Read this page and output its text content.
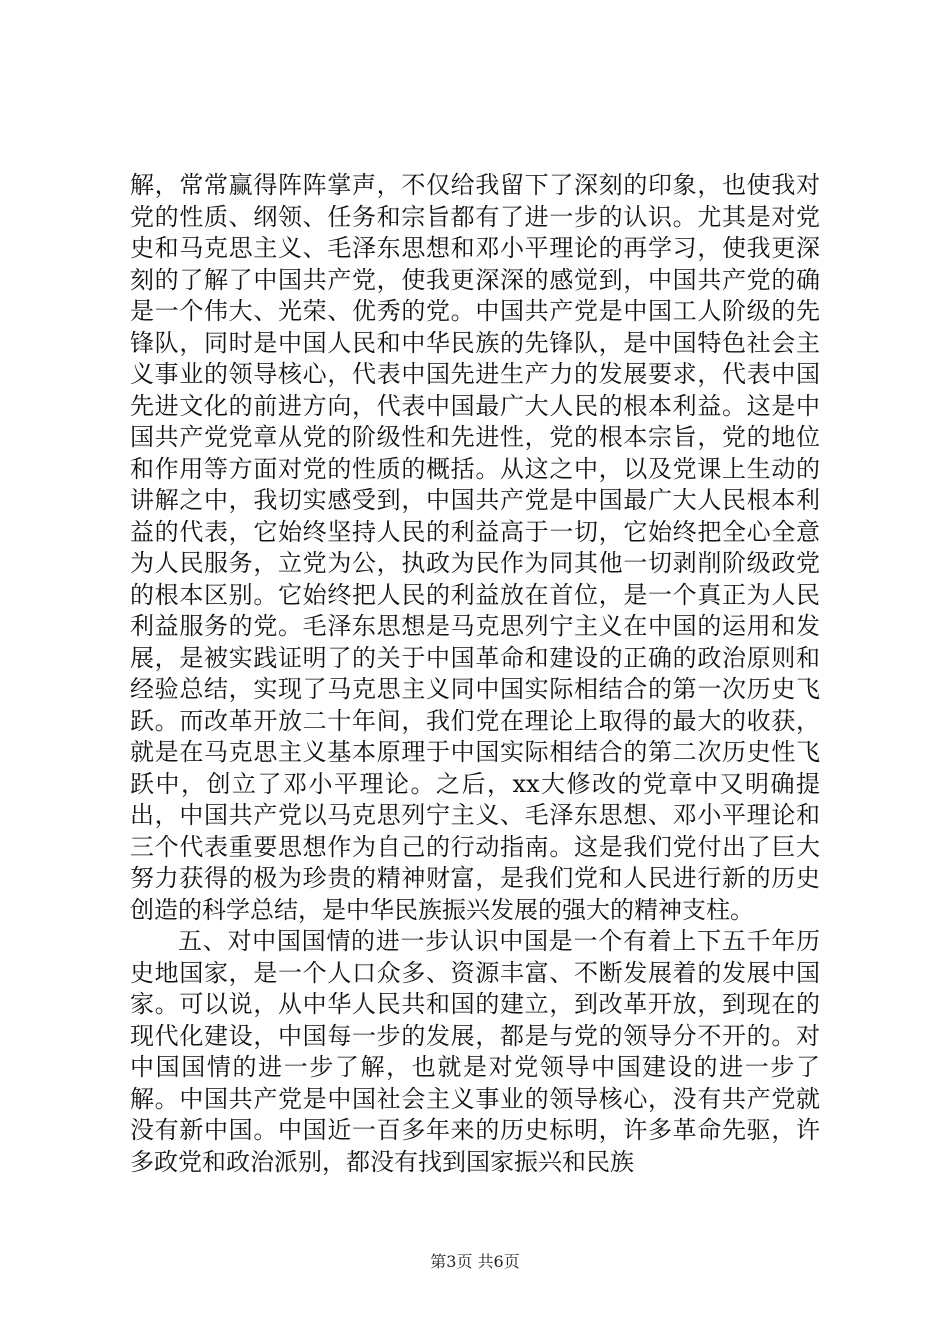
解，常常赢得阵阵掌声，不仅给我留下了深刻的印象，也使我对党的性质、纲领、任务和宗旨都有了进一步的认识。尤其是对党史和马克思主义、毛泽东思想和邓小平理论的再学习，使我更深刻的了解了中国共产党，使我更深深的感觉到，中国共产党的确是一个伟大、光荣、优秀的党。中国共产党是中国工人阶级的先锋队，同时是中国人民和中华民族的先锋队，是中国特色社会主义事业的领导核心，代表中国先进生产力的发展要求，代表中国先进文化的前进方向，代表中国最广大人民的根本利益。这是中国共产党党章从党的阶级性和先进性，党的根本宗旨，党的地位和作用等方面对党的性质的概括。从这之中，以及党课上生动的讲解之中，我切实感受到，中国共产党是中国最广大人民根本利益的代表，它始终坚持人民的利益高于一切，它始终把全心全意为人民服务，立党为公，执政为民作为同其他一切剥削阶级政党的根本区别。它始终把人民的利益放在首位，是一个真正为人民利益服务的党。毛泽东思想是马克思列宁主义在中国的运用和发展，是被实践证明了的关于中国革命和建设的正确的政治原则和经验总结，实现了马克思主义同中国实际相结合的第一次历史飞跃。而改革开放二十年间，我们党在理论上取得的最大的收获，就是在马克思主义基本原理于中国实际相结合的第二次历史性飞跃中，创立了邓小平理论。之后，xx大修改的党章中又明确提出，中国共产党以马克思列宁主义、毛泽东思想、邓小平理论和三个代表重要思想作为自己的行动指南。这是我们党付出了巨大努力获得的极为珍贵的精神财富，是我们党和人民进行新的历史创造的科学总结，是中华民族振兴发展的强大的精神支柱。

五、对中国国情的进一步认识中国是一个有着上下五千年历史地国家，是一个人口众多、资源丰富、不断发展着的发展中国家。可以说，从中华人民共和国的建立，到改革开放，到现在的现代化建设，中国每一步的发展，都是与党的领导分不开的。对中国国情的进一步了解，也就是对党领导中国建设的进一步了解。中国共产党是中国社会主义事业的领导核心，没有共产党就没有新中国。中国近一百多年来的历史标明，许多革命先驱，许多政党和政治派别，都没有找到国家振兴和民族

第3页 共6页
